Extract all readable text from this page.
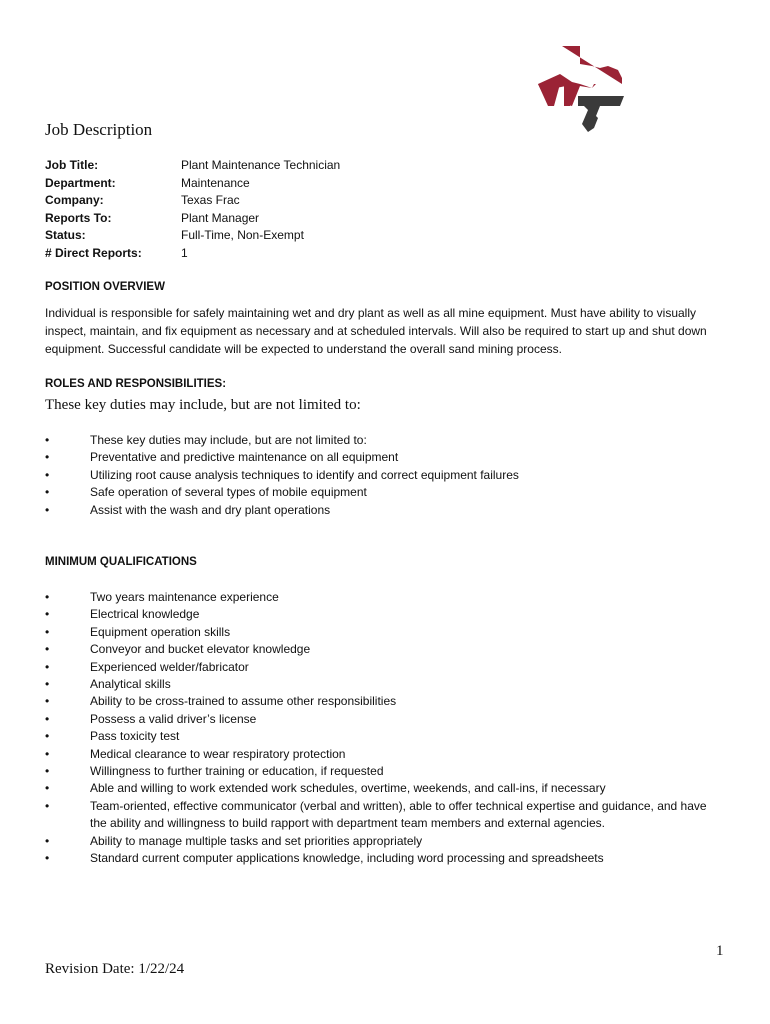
Job Description
Job Title:	Plant Maintenance Technician
Department:	Maintenance
Company:	Texas Frac
Reports To:	Plant Manager
Status:	Full-Time, Non-Exempt
# Direct Reports:	1
POSITION OVERVIEW
Individual is responsible for safely maintaining wet and dry plant as well as all mine equipment. Must have ability to visually inspect, maintain, and fix equipment as necessary and at scheduled intervals. Will also be required to start up and shut down equipment. Successful candidate will be expected to understand the overall sand mining process.
ROLES AND RESPONSIBILITIES:
These key duties may include, but are not limited to:
•	These key duties may include, but are not limited to:
•	Preventative and predictive maintenance on all equipment
•	Utilizing root cause analysis techniques to identify and correct equipment failures
•	Safe operation of several types of mobile equipment
•	Assist with the wash and dry plant operations
MINIMUM QUALIFICATIONS
•	Two years maintenance experience
•	Electrical knowledge
•	Equipment operation skills
•	Conveyor and bucket elevator knowledge
•	Experienced welder/fabricator
•	Analytical skills
•	Ability to be cross-trained to assume other responsibilities
•	Possess a valid driver’s license
•	Pass toxicity test
•	Medical clearance to wear respiratory protection
•	Willingness to further training or education, if requested
•	Able and willing to work extended work schedules, overtime, weekends, and call-ins, if necessary
•	Team-oriented, effective communicator (verbal and written), able to offer technical expertise and guidance, and have the ability and willingness to build rapport with department team members and external agencies.
•	Ability to manage multiple tasks and set priorities appropriately
•	Standard current computer applications knowledge, including word processing and spreadsheets
1
Revision Date: 1/22/24
